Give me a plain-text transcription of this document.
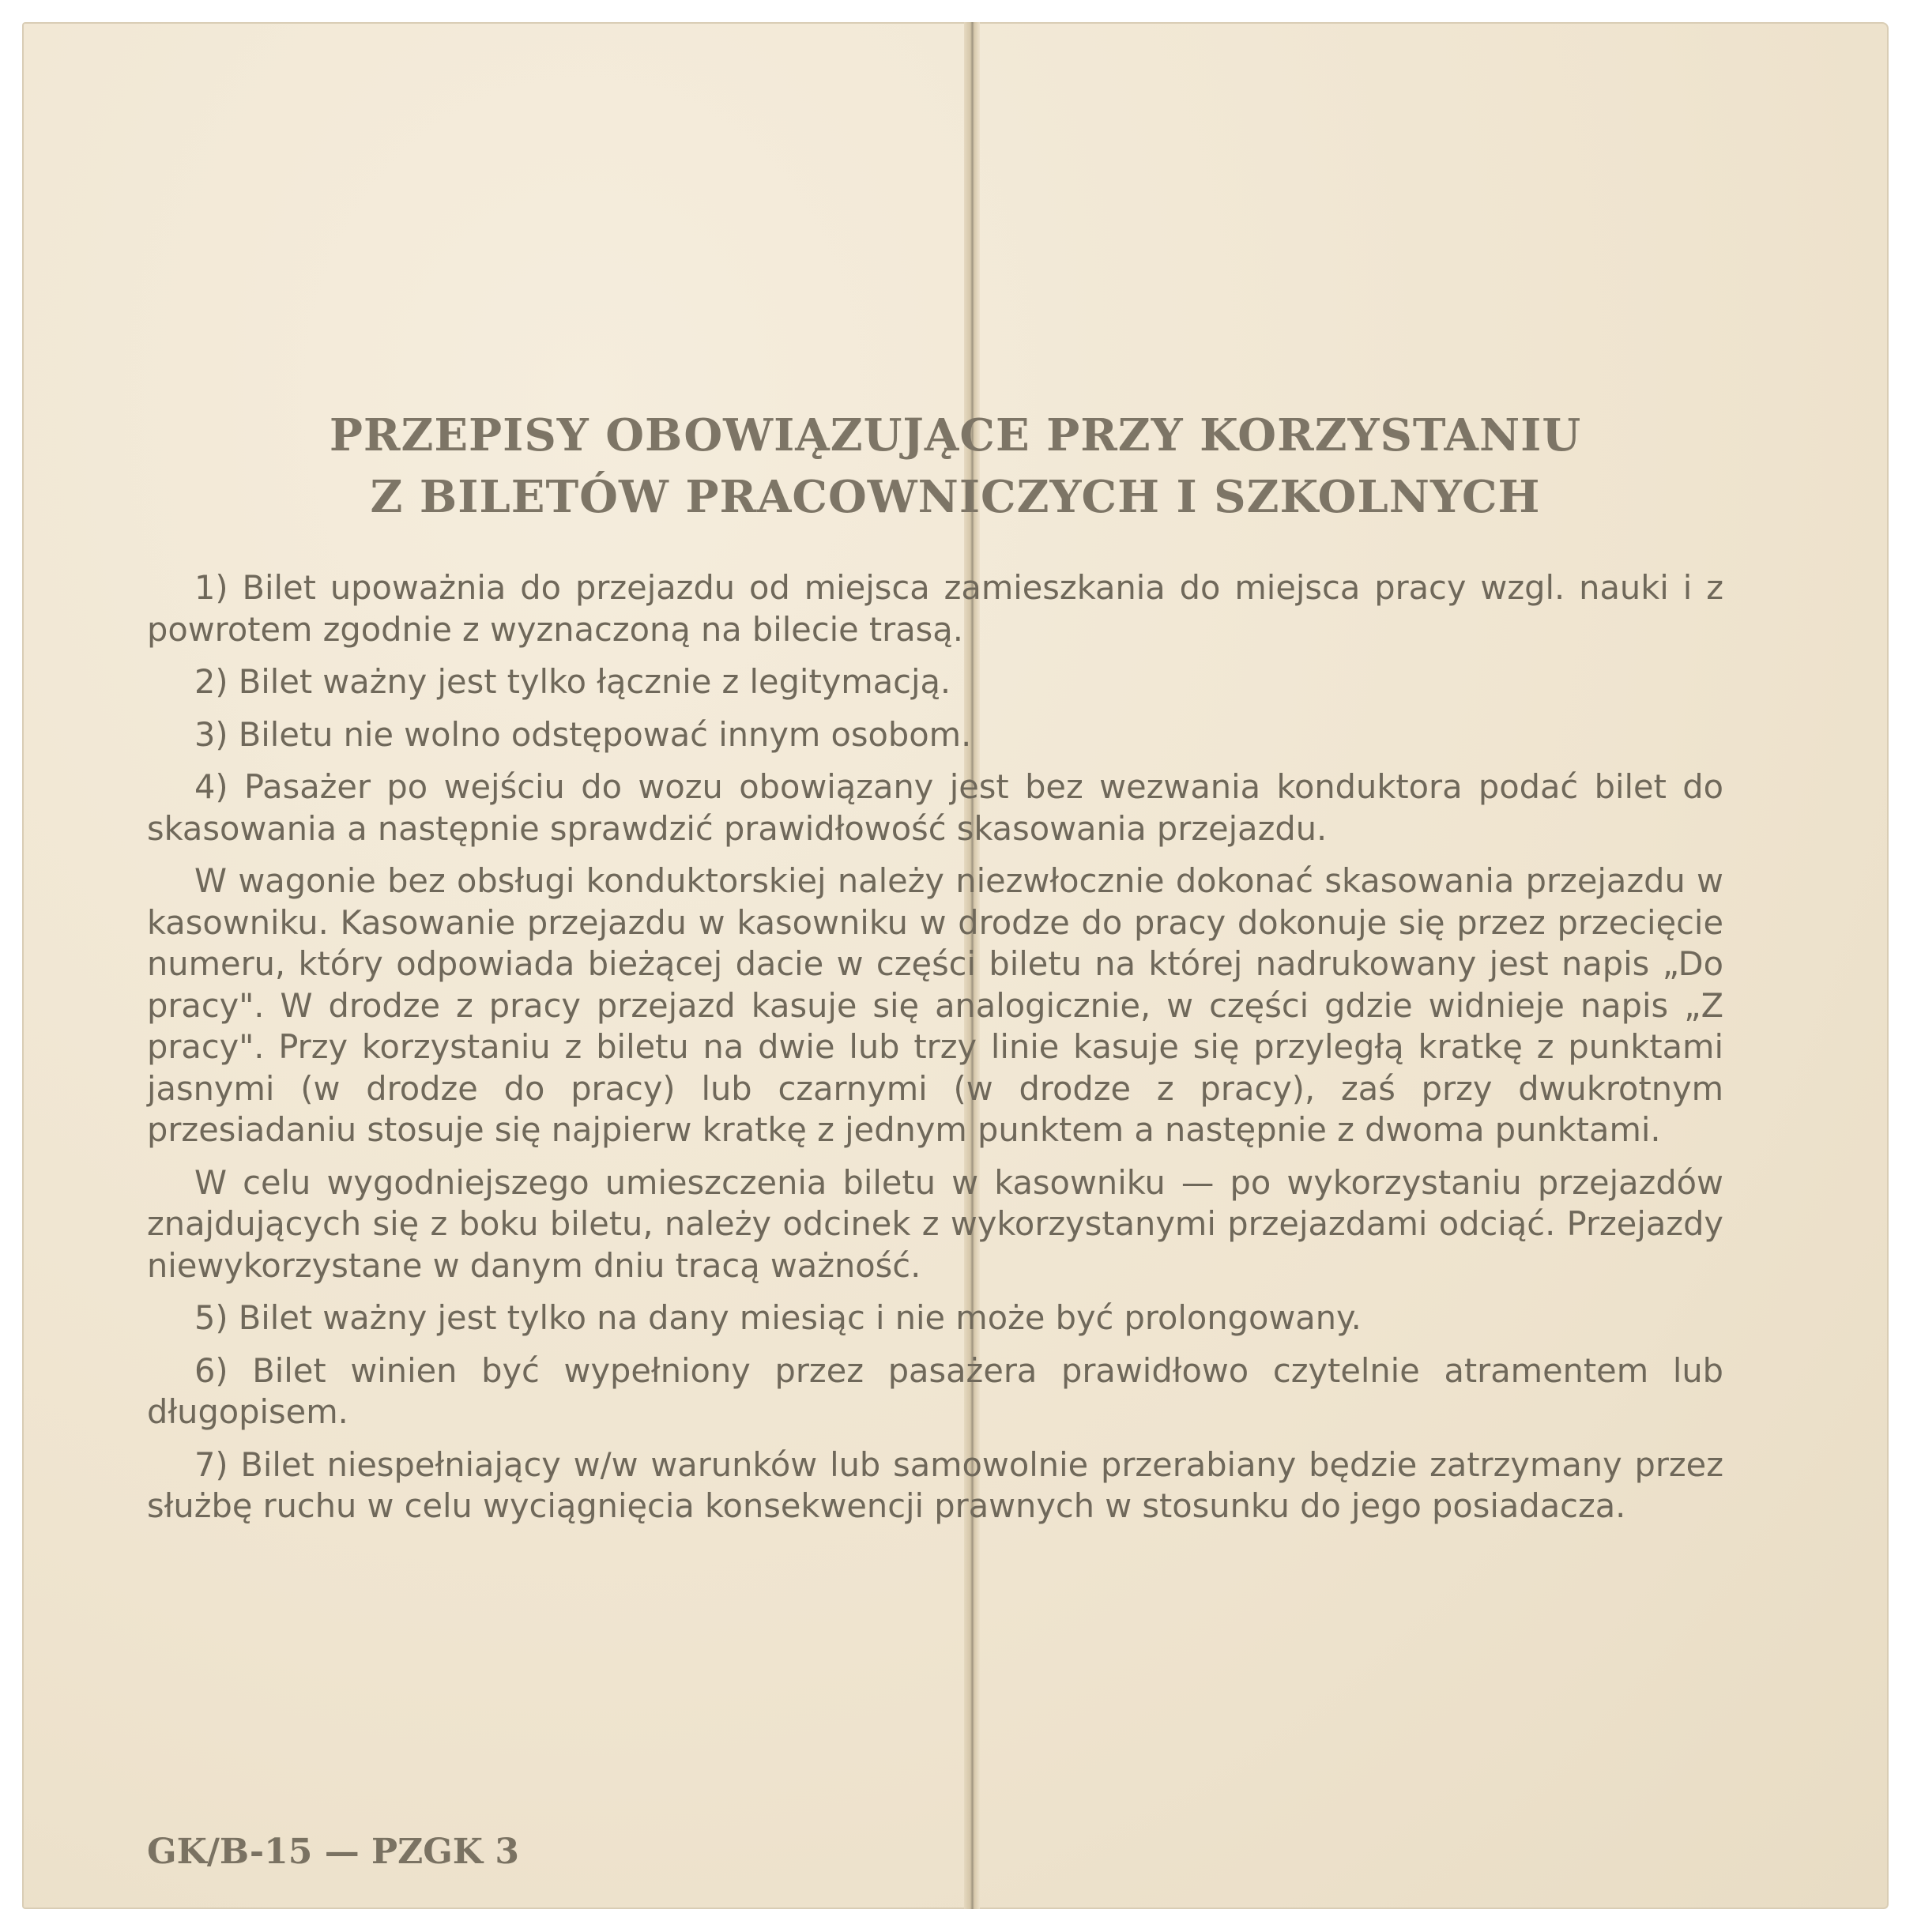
PRZEPISY OBOWIĄZUJĄCE PRZY KORZYSTANIU
Z BILETÓW PRACOWNICZYCH I SZKOLNYCH

1) Bilet upoważnia do przejazdu od miejsca zamieszkania do miejsca pracy wzgl. nauki i z powrotem zgodnie z wyznaczoną na bilecie trasą.

2) Bilet ważny jest tylko łącznie z legitymacją.

3) Biletu nie wolno odstępować innym osobom.

4) Pasażer po wejściu do wozu obowiązany jest bez wezwania konduktora podać bilet do skasowania a następnie sprawdzić prawidłowość skasowania przejazdu.

W wagonie bez obsługi konduktorskiej należy niezwłocznie dokonać skasowania przejazdu w kasowniku. Kasowanie przejazdu w kasowniku w drodze do pracy dokonuje się przez przecięcie numeru, który odpowiada bieżącej dacie w części biletu na której nadrukowany jest napis „Do pracy". W drodze z pracy przejazd kasuje się analogicznie, w części gdzie widnieje napis „Z pracy". Przy korzystaniu z biletu na dwie lub trzy linie kasuje się przyległą kratkę z punktami jasnymi (w drodze do pracy) lub czarnymi (w drodze z pracy), zaś przy dwukrotnym przesiadaniu stosuje się najpierw kratkę z jednym punktem a następnie z dwoma punktami.

W celu wygodniejszego umieszczenia biletu w kasowniku — po wykorzystaniu przejazdów znajdujących się z boku biletu, należy odcinek z wykorzystanymi przejazdami odciąć. Przejazdy niewykorzystane w danym dniu tracą ważność.

5) Bilet ważny jest tylko na dany miesiąc i nie może być prolongowany.

6) Bilet winien być wypełniony przez pasażera prawidłowo czytelnie atramentem lub długopisem.

7) Bilet niespełniający w/w warunków lub samowolnie przerabiany będzie zatrzymany przez służbę ruchu w celu wyciągnięcia konsekwencji prawnych w stosunku do jego posiadacza.

GK/B-15 — PZGK 3
